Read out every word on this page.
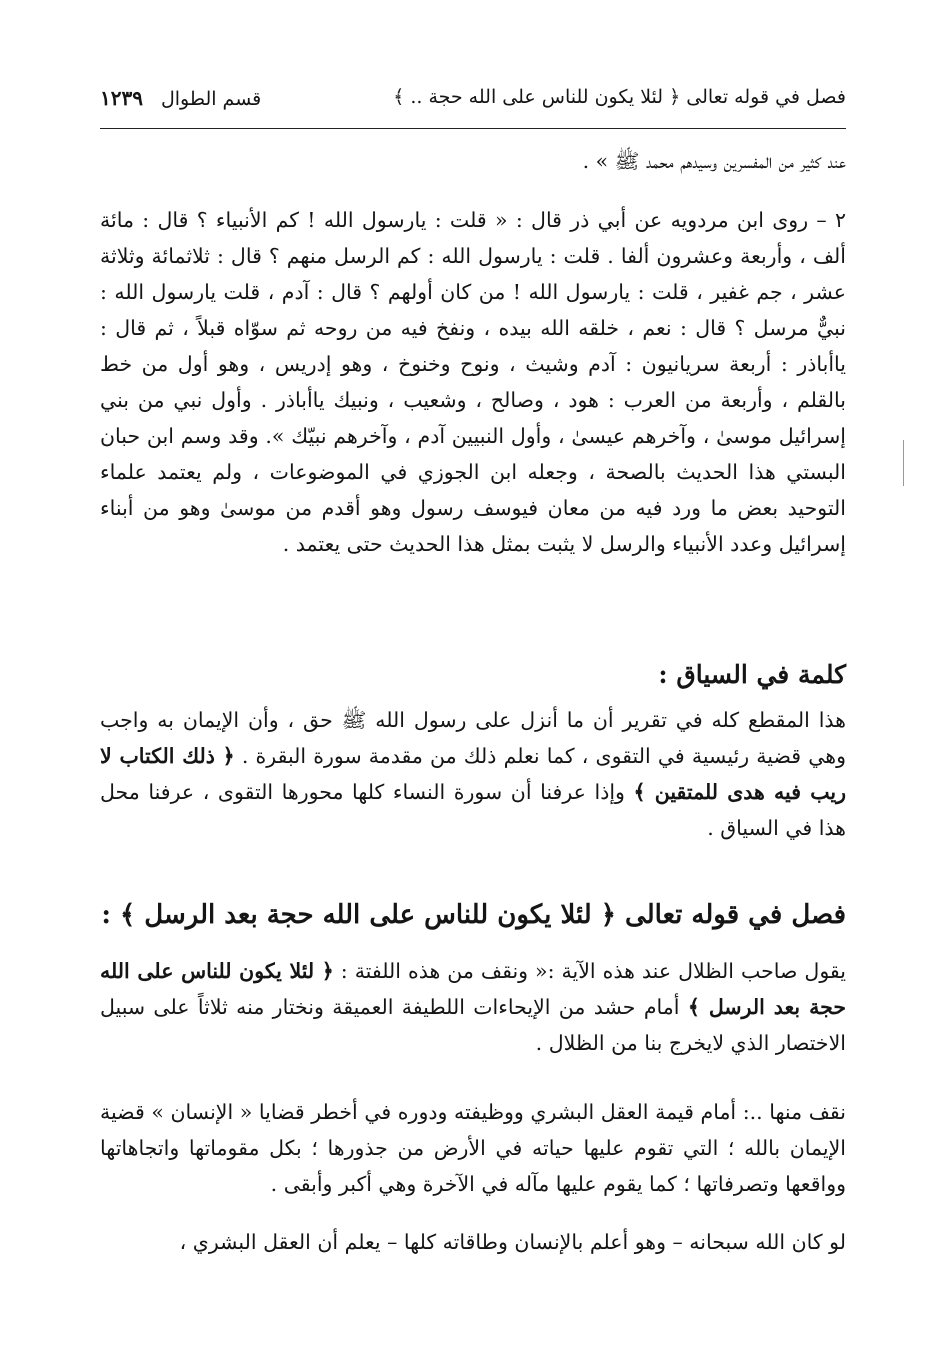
فصل في قوله تعالى ﴿ لئلا يكون للناس على الله حجة .. ﴾
قسم الطوال١٢٣٩

عند كثير من المفسرين وسيدهم محمد ﷺ » .

٢ – روى ابن مردويه عن أبي ذر قال : « قلت : يارسول الله ! كم الأنبياء ؟ قال : مائة ألف ، وأربعة وعشرون ألفا . قلت : يارسول الله : كم الرسل منهم ؟ قال : ثلاثمائة وثلاثة عشر ، جم غفير ، قلت : يارسول الله ! من كان أولهم ؟ قال : آدم ، قلت يارسول الله : نبيٌّ مرسل ؟ قال : نعم ، خلقه الله بيده ، ونفخ فيه من روحه ثم سوّاه قبلاً ، ثم قال : ياأباذر : أربعة سريانيون : آدم وشيث ، ونوح وخنوخ ، وهو إدريس ، وهو أول من خط بالقلم ، وأربعة من العرب : هود ، وصالح ، وشعيب ، ونبيك ياأباذر . وأول نبي من بني إسرائيل موسىٰ ، وآخرهم عيسىٰ ، وأول النبيين آدم ، وآخرهم نبيّك ». وقد وسم ابن حبان البستي هذا الحديث بالصحة ، وجعله ابن الجوزي في الموضوعات ، ولم يعتمد علماء التوحيد بعض ما ورد فيه من معان فيوسف رسول وهو أقدم من موسىٰ وهو من أبناء إسرائيل وعدد الأنبياء والرسل لا يثبت بمثل هذا الحديث حتى يعتمد .

كلمة في السياق :

هذا المقطع كله في تقرير أن ما أنزل على رسول الله ﷺ حق ، وأن الإيمان به واجب وهي قضية رئيسية في التقوى ، كما نعلم ذلك من مقدمة سورة البقرة . ﴿ ذلك الكتاب لا ريب فيه هدى للمتقين ﴾ وإذا عرفنا أن سورة النساء كلها محورها التقوى ، عرفنا محل هذا في السياق .

فصل في قوله تعالى ﴿ لئلا يكون للناس على الله حجة بعد الرسل ﴾ :

يقول صاحب الظلال عند هذه الآية :« ونقف من هذه اللفتة : ﴿ لئلا يكون للناس على الله حجة بعد الرسل ﴾ أمام حشد من الإيحاءات اللطيفة العميقة ونختار منه ثلاثاً على سبيل الاختصار الذي لايخرج بنا من الظلال .

نقف منها ..: أمام قيمة العقل البشري ووظيفته ودوره في أخطر قضايا « الإنسان » قضية الإيمان بالله ؛ التي تقوم عليها حياته في الأرض من جذورها ؛ بكل مقوماتها واتجاهاتها وواقعها وتصرفاتها ؛ كما يقوم عليها مآله في الآخرة وهي أكبر وأبقى .

لو كان الله سبحانه – وهو أعلم بالإنسان وطاقاته كلها – يعلم أن العقل البشري ،
